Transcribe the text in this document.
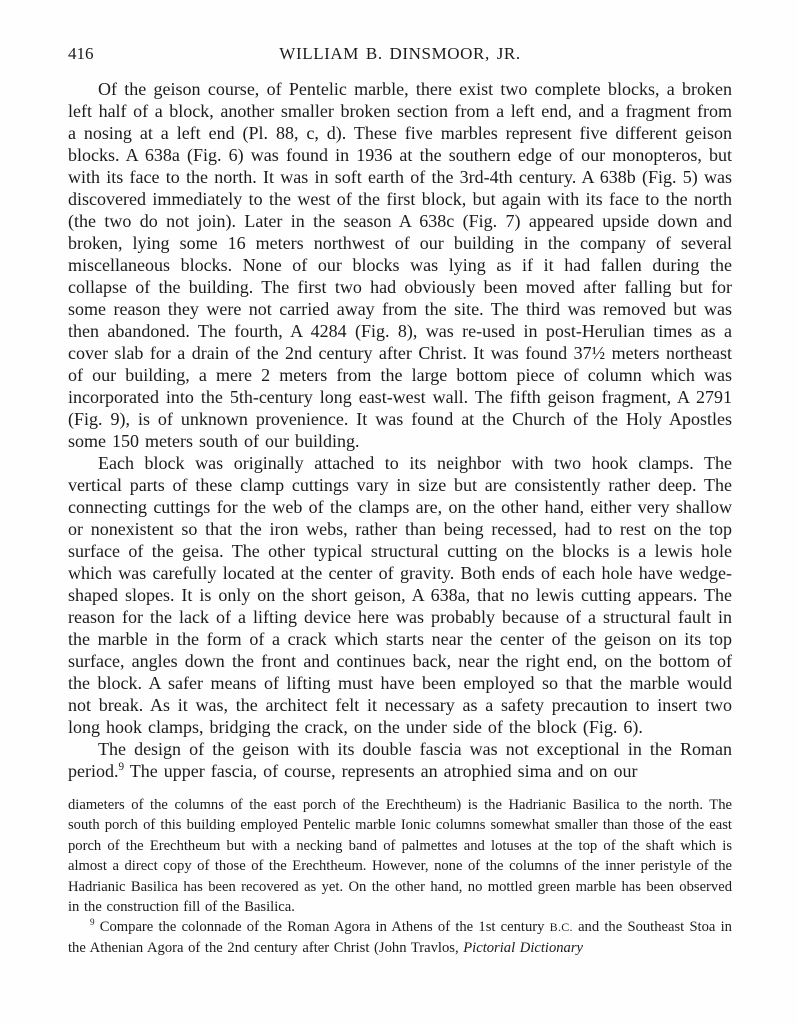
416	WILLIAM B. DINSMOOR, JR.

Of the geison course, of Pentelic marble, there exist two complete blocks, a broken left half of a block, another smaller broken section from a left end, and a fragment from a nosing at a left end (Pl. 88, c, d). These five marbles represent five different geison blocks. A 638a (Fig. 6) was found in 1936 at the southern edge of our monopteros, but with its face to the north. It was in soft earth of the 3rd-4th century. A 638b (Fig. 5) was discovered immediately to the west of the first block, but again with its face to the north (the two do not join). Later in the season A 638c (Fig. 7) appeared upside down and broken, lying some 16 meters northwest of our building in the company of several miscellaneous blocks. None of our blocks was lying as if it had fallen during the collapse of the building. The first two had obviously been moved after falling but for some reason they were not carried away from the site. The third was removed but was then abandoned. The fourth, A 4284 (Fig. 8), was re-used in post-Herulian times as a cover slab for a drain of the 2nd century after Christ. It was found 37½ meters northeast of our building, a mere 2 meters from the large bottom piece of column which was incorporated into the 5th-century long east-west wall. The fifth geison fragment, A 2791 (Fig. 9), is of unknown provenience. It was found at the Church of the Holy Apostles some 150 meters south of our building.

Each block was originally attached to its neighbor with two hook clamps. The vertical parts of these clamp cuttings vary in size but are consistently rather deep. The connecting cuttings for the web of the clamps are, on the other hand, either very shallow or nonexistent so that the iron webs, rather than being recessed, had to rest on the top surface of the geisa. The other typical structural cutting on the blocks is a lewis hole which was carefully located at the center of gravity. Both ends of each hole have wedge-shaped slopes. It is only on the short geison, A 638a, that no lewis cutting appears. The reason for the lack of a lifting device here was probably because of a structural fault in the marble in the form of a crack which starts near the center of the geison on its top surface, angles down the front and continues back, near the right end, on the bottom of the block. A safer means of lifting must have been employed so that the marble would not break. As it was, the architect felt it necessary as a safety precaution to insert two long hook clamps, bridging the crack, on the under side of the block (Fig. 6).

The design of the geison with its double fascia was not exceptional in the Roman period.$^9$ The upper fascia, of course, represents an atrophied sima and on our

diameters of the columns of the east porch of the Erechtheum) is the Hadrianic Basilica to the north. The south porch of this building employed Pentelic marble Ionic columns somewhat smaller than those of the east porch of the Erechtheum but with a necking band of palmettes and lotuses at the top of the shaft which is almost a direct copy of those of the Erechtheum. However, none of the columns of the inner peristyle of the Hadrianic Basilica has been recovered as yet. On the other hand, no mottled green marble has been observed in the construction fill of the Basilica.

$^9$ Compare the colonnade of the Roman Agora in Athens of the 1st century B.C. and the Southeast Stoa in the Athenian Agora of the 2nd century after Christ (John Travlos, Pictorial Dictionary
